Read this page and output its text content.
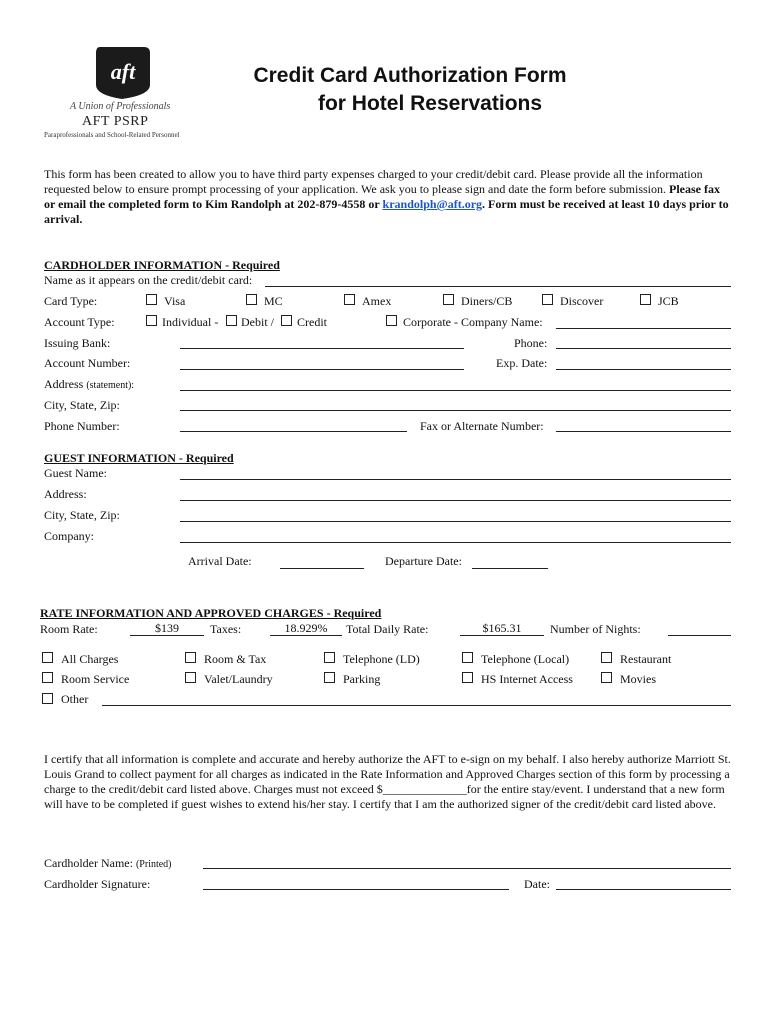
aft
A Union of Professionals
AFT PSRP
Paraprofessionals and School-Related Personnel
Credit Card Authorization Form
for Hotel Reservations
This form has been created to allow you to have third party expenses charged to your credit/debit card. Please provide all the information requested below to ensure prompt processing of your application. We ask you to please sign and date the form before submission. Please fax or email the completed form to Kim Randolph at 202-879-4558 or krandolph@aft.org. Form must be received at least 10 days prior to arrival.
CARDHOLDER INFORMATION - Required
Name as it appears on the credit/debit card:
Card Type:	Visa	MC	Amex	Diners/CB	Discover	JCB
Account Type:	Individual - Debit / Credit	Corporate - Company Name:
Issuing Bank:	Phone:
Account Number:	Exp. Date:
Address (statement):
City, State, Zip:
Phone Number:	Fax or Alternate Number:
GUEST INFORMATION - Required
Guest Name:
Address:
City, State, Zip:
Company:
Arrival Date:	Departure Date:
RATE INFORMATION AND APPROVED CHARGES - Required
Room Rate:	$139	Taxes:	18.929%	Total Daily Rate:	$165.31	Number of Nights:
All Charges	Room & Tax	Telephone (LD)	Telephone (Local)	Restaurant
Room Service	Valet/Laundry	Parking	HS Internet Access	Movies
Other
I certify that all information is complete and accurate and hereby authorize the AFT to e-sign on my behalf. I also hereby authorize Marriott St. Louis Grand to collect payment for all charges as indicated in the Rate Information and Approved Charges section of this form by processing a charge to the credit/debit card listed above. Charges must not exceed $______________for the entire stay/event. I understand that a new form will have to be completed if guest wishes to extend his/her stay. I certify that I am the authorized signer of the credit/debit card listed above.
Cardholder Name: (Printed)
Cardholder Signature:	Date:
